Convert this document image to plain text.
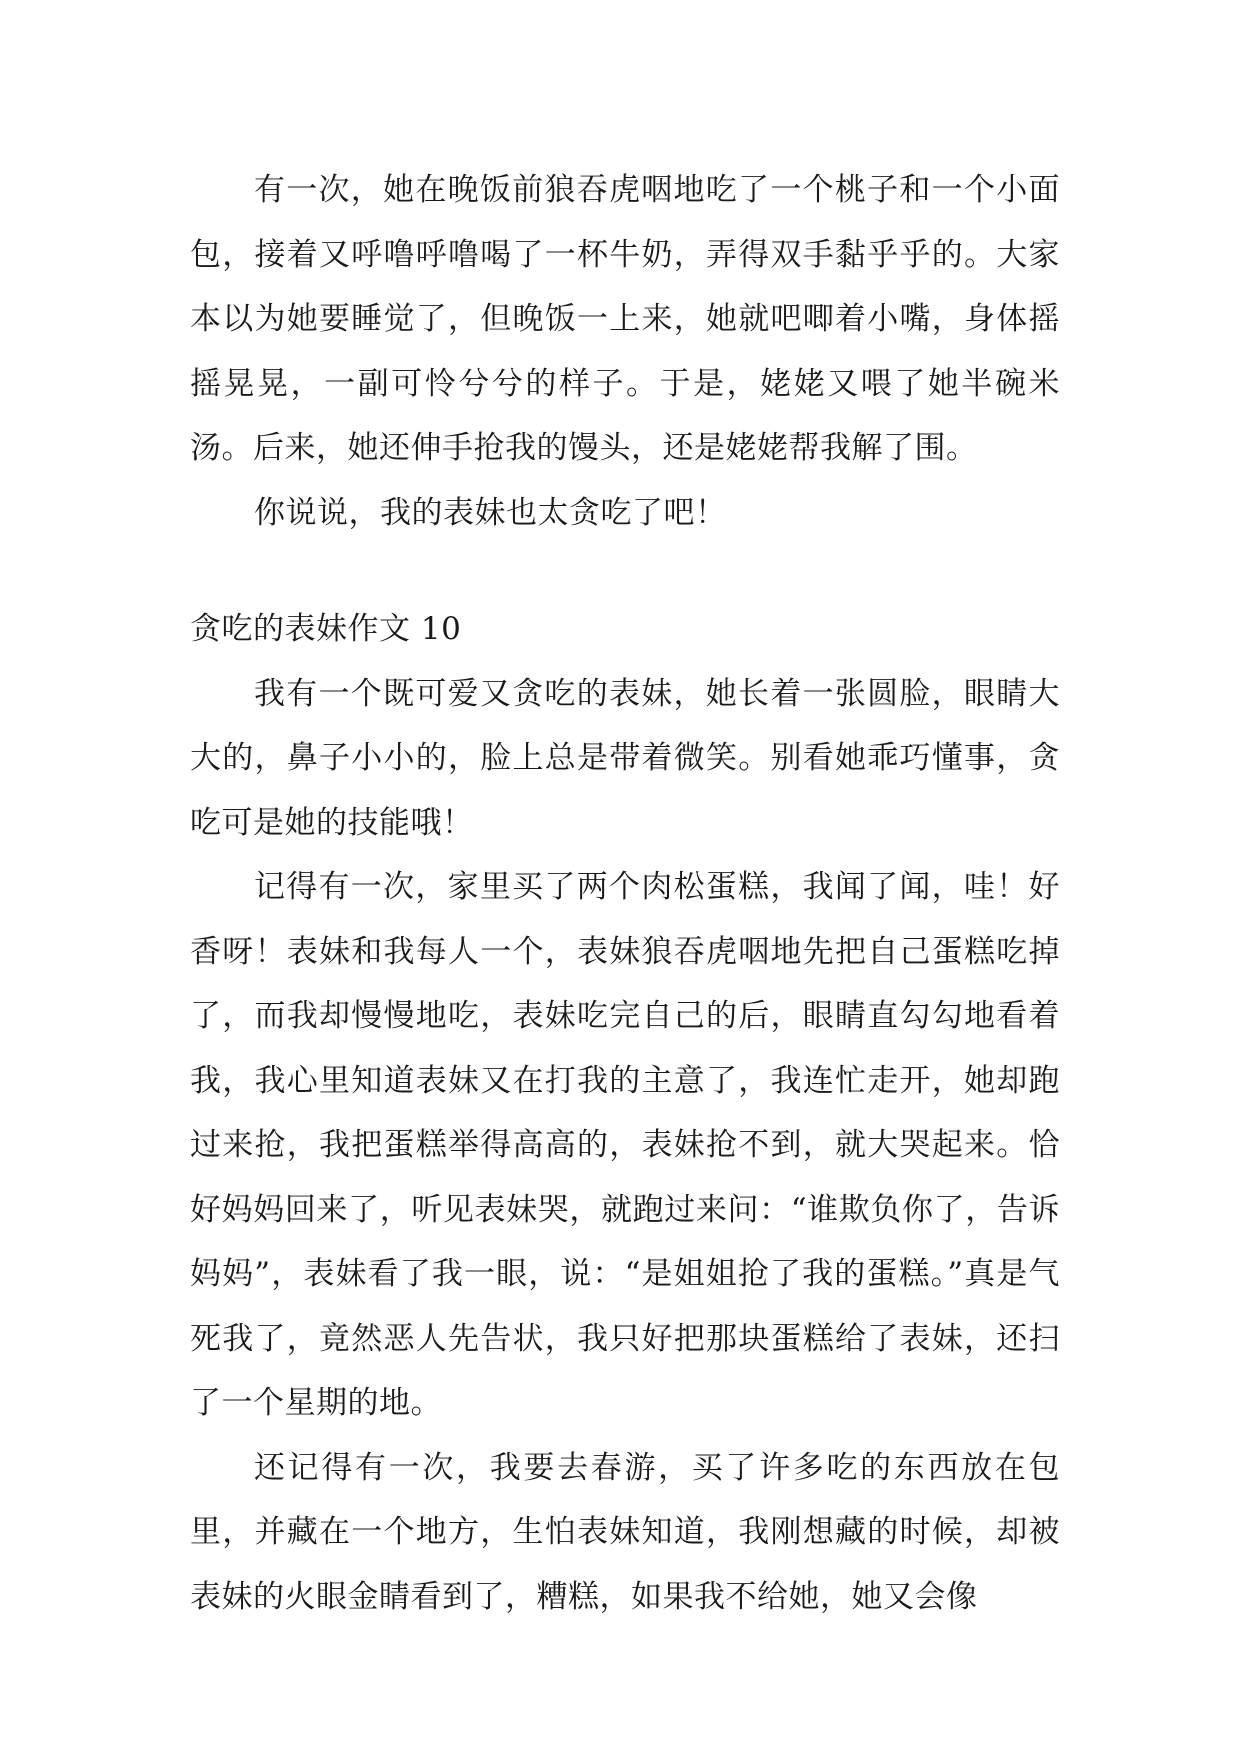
有一次，她在晚饭前狼吞虎咽地吃了一个桃子和一个小面包，接着又呼噜呼噜喝了一杯牛奶，弄得双手黏乎乎的。大家本以为她要睡觉了，但晚饭一上来，她就吧唧着小嘴，身体摇摇晃晃，一副可怜兮兮的样子。于是，姥姥又喂了她半碗米汤。后来，她还伸手抢我的馒头，还是姥姥帮我解了围。

你说说，我的表妹也太贪吃了吧！

贪吃的表妹作文 10

我有一个既可爱又贪吃的表妹，她长着一张圆脸，眼睛大大的，鼻子小小的，脸上总是带着微笑。别看她乖巧懂事，贪吃可是她的技能哦！

记得有一次，家里买了两个肉松蛋糕，我闻了闻，哇！好香呀！表妹和我每人一个，表妹狼吞虎咽地先把自己蛋糕吃掉了，而我却慢慢地吃，表妹吃完自己的后，眼睛直勾勾地看着我，我心里知道表妹又在打我的主意了，我连忙走开，她却跑过来抢，我把蛋糕举得高高的，表妹抢不到，就大哭起来。恰好妈妈回来了，听见表妹哭，就跑过来问：“谁欺负你了，告诉妈妈”，表妹看了我一眼，说：“是姐姐抢了我的蛋糕。”真是气死我了，竟然恶人先告状，我只好把那块蛋糕给了表妹，还扫了一个星期的地。

还记得有一次，我要去春游，买了许多吃的东西放在包里，并藏在一个地方，生怕表妹知道，我刚想藏的时候，却被表妹的火眼金睛看到了，糟糕，如果我不给她，她又会像
